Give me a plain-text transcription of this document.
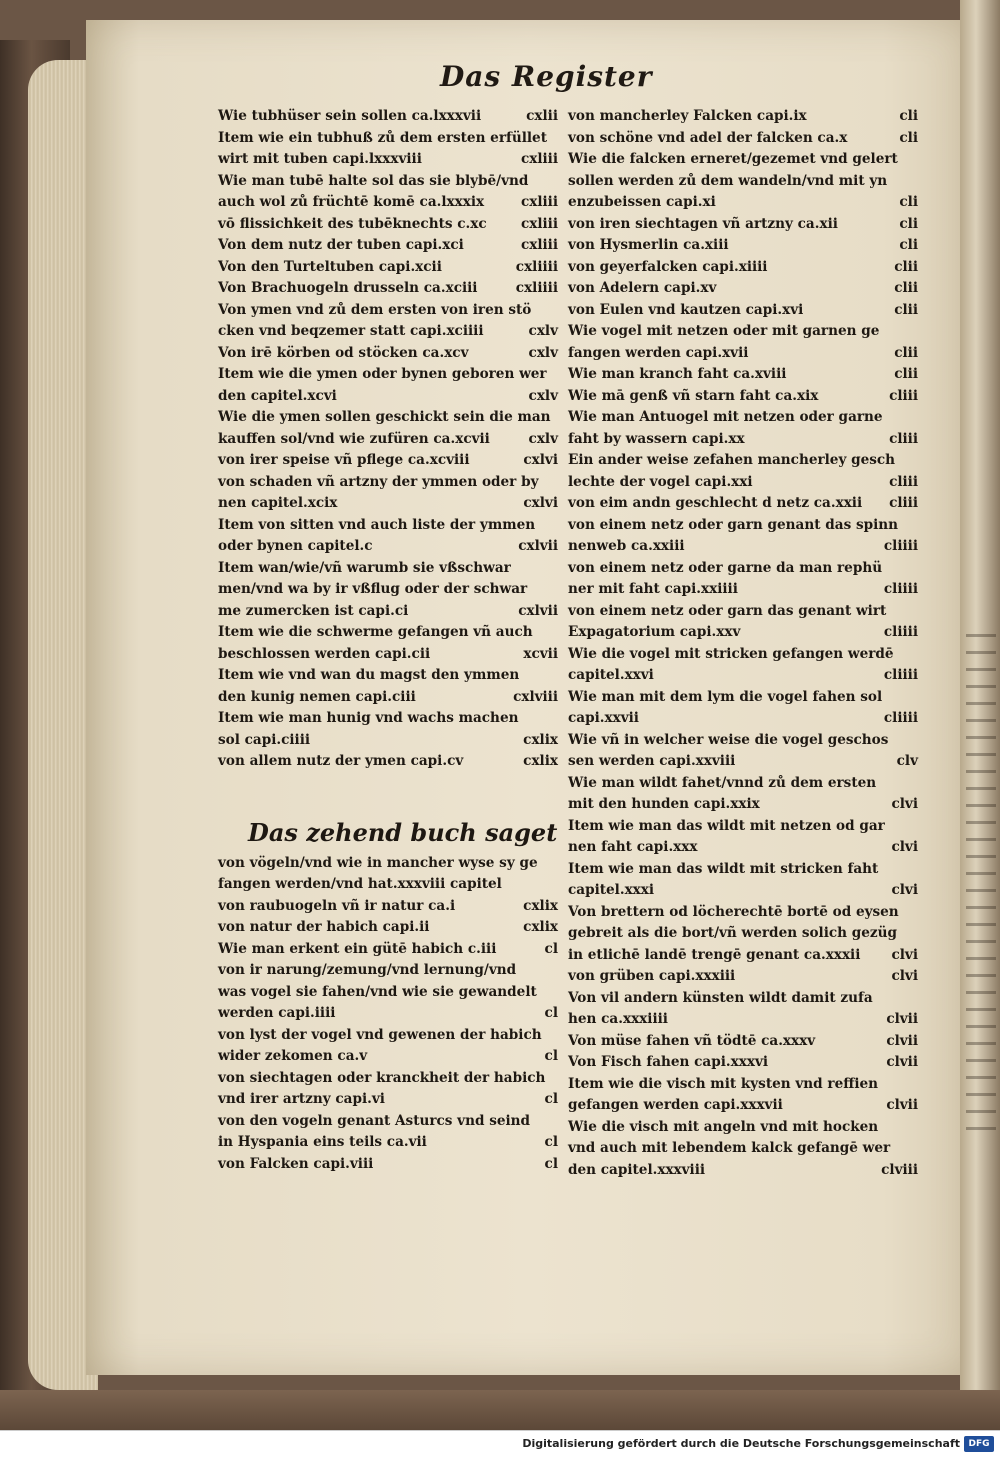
Das Register
Wie tubhüser sein sollen ca.lxxxvii	cxlii
Item wie ein tubhuß zů dem ersten erfüllet
wirt mit tuben capi.lxxxviii	cxliii
Wie man tubē halte sol das sie blybē/vnd
auch wol zů früchtē komē ca.lxxxix	cxliii
vō flissichkeit des tubēknechts c.xc	cxliii
Von dem nutz der tuben capi.xci	cxliii
Von den Turteltuben capi.xcii	cxliiii
Von Brachuogeln drusseln ca.xciii	cxliiii
Von ymen vnd zů dem ersten von iren stö
cken vnd beqzemer statt capi.xciiii	cxlv
Von irē körben od stöcken ca.xcv	cxlv
Item wie die ymen oder bynen geboren wer
den capitel.xcvi	cxlv
Wie die ymen sollen geschickt sein die man
kauffen sol/vnd wie zufüren ca.xcvii	cxlv
von irer speise vñ pflege ca.xcviii	cxlvi
von schaden vñ artzny der ymmen oder by
nen capitel.xcix	cxlvi
Item von sitten vnd auch liste der ymmen
oder bynen capitel.c	cxlvii
Item wan/wie/vñ warumb sie vßschwar
men/vnd wa by ir vßflug oder der schwar
me zumercken ist capi.ci	cxlvii
Item wie die schwerme gefangen vñ auch
beschlossen werden capi.cii	xcvii
Item wie vnd wan du magst den ymmen
den kunig nemen capi.ciii	cxlviii
Item wie man hunig vnd wachs machen
sol capi.ciiii	cxlix
von allem nutz der ymen capi.cv	cxlix
Das zehend buch saget
von vögeln/vnd wie in mancher wyse sy ge
fangen werden/vnd hat.xxxviii capitel
von raubuogeln vñ ir natur ca.i	cxlix
von natur der habich capi.ii	cxlix
Wie man erkent ein gütē habich c.iii	cl
von ir narung/zemung/vnd lernung/vnd
was vogel sie fahen/vnd wie sie gewandelt
werden capi.iiii	cl
von lyst der vogel vnd gewenen der habich
wider zekomen ca.v	cl
von siechtagen oder kranckheit der habich
vnd irer artzny capi.vi	cl
von den vogeln genant Asturcs vnd seind
in Hyspania eins teils ca.vii	cl
von Falcken capi.viii	cl
von mancherley Falcken capi.ix	cli
von schöne vnd adel der falcken ca.x	cli
Wie die falcken erneret/gezemet vnd gelert
sollen werden zů dem wandeln/vnd mit yn
enzubeissen capi.xi	cli
von iren siechtagen vñ artzny ca.xii	cli
von Hysmerlin ca.xiii	cli
von geyerfalcken capi.xiiii	clii
von Adelern capi.xv	clii
von Eulen vnd kautzen capi.xvi	clii
Wie vogel mit netzen oder mit garnen ge
fangen werden capi.xvii	clii
Wie man kranch faht ca.xviii	clii
Wie mā genß vñ starn faht ca.xix	cliii
Wie man Antuogel mit netzen oder garne
faht by wassern capi.xx	cliii
Ein ander weise zefahen mancherley gesch
lechte der vogel capi.xxi	cliii
von eim andn geschlecht d netz ca.xxii cliii
von einem netz oder garn genant das spinn
nenweb ca.xxiii	cliiii
von einem netz oder garne da man rephü
ner mit faht capi.xxiiii	cliiii
von einem netz oder garn das genant wirt
Expagatorium capi.xxv	cliiii
Wie die vogel mit stricken gefangen werdē
capitel.xxvi	cliiii
Wie man mit dem lym die vogel fahen sol
capi.xxvii	cliiii
Wie vñ in welcher weise die vogel geschos
sen werden capi.xxviii	clv
Wie man wildt fahet/vnnd zů dem ersten
mit den hunden capi.xxix	clvi
Item wie man das wildt mit netzen od gar
nen faht capi.xxx	clvi
Item wie man das wildt mit stricken faht
capitel.xxxi	clvi
Von brettern od löcherechtē bortē od eysen
gebreit als die bort/vñ werden solich gezüg
in etlichē landē trengē genant ca.xxxii clvi
von grüben capi.xxxiii	clvi
Von vil andern künsten wildt damit zufa
hen ca.xxxiiii	clvii
Von müse fahen vñ tödtē ca.xxxv	clvii
Von Fisch fahen capi.xxxvi	clvii
Item wie die visch mit kysten vnd reffien
gefangen werden capi.xxxvii	clvii
Wie die visch mit angeln vnd mit hocken
vnd auch mit lebendem kalck gefangē wer
den capitel.xxxviii	clviii
Digitalisierung gefördert durch die Deutsche Forschungsgemeinschaft DFG
